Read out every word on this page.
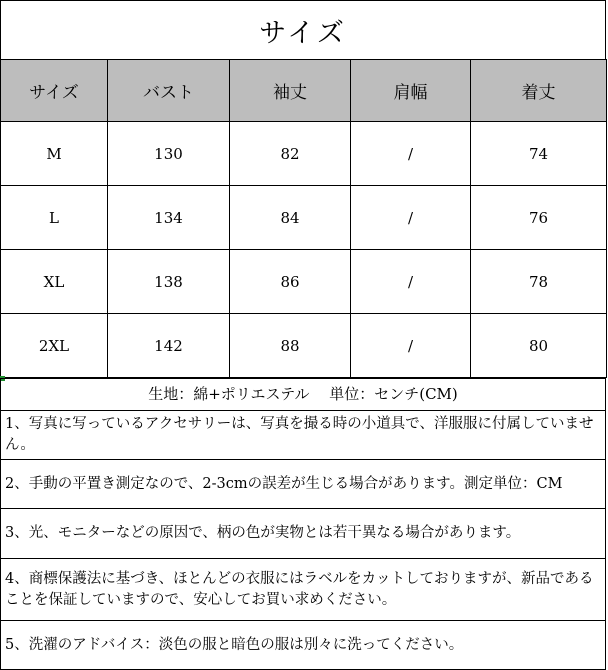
サイズ
サイズ	バスト	袖丈	肩幅	着丈
M	130	82	/	74
L	134	84	/	76
XL	138	86	/	78
2XL	142	88	/	80
生地：綿+ポリエステル　 単位：センチ(CM)
1、写真に写っているアクセサリーは、写真を撮る時の小道具で、洋服服に付属していません。
2、手動の平置き測定なので、2-3cmの誤差が生じる場合があります。測定単位：CM
3、光、モニターなどの原因で、柄の色が実物とは若干異なる場合があります。
4、商標保護法に基づき、ほとんどの衣服にはラベルをカットしておりますが、新品であることを保証していますので、安心してお買い求めください。
5、洗濯のアドバイス：淡色の服と暗色の服は別々に洗ってください。
